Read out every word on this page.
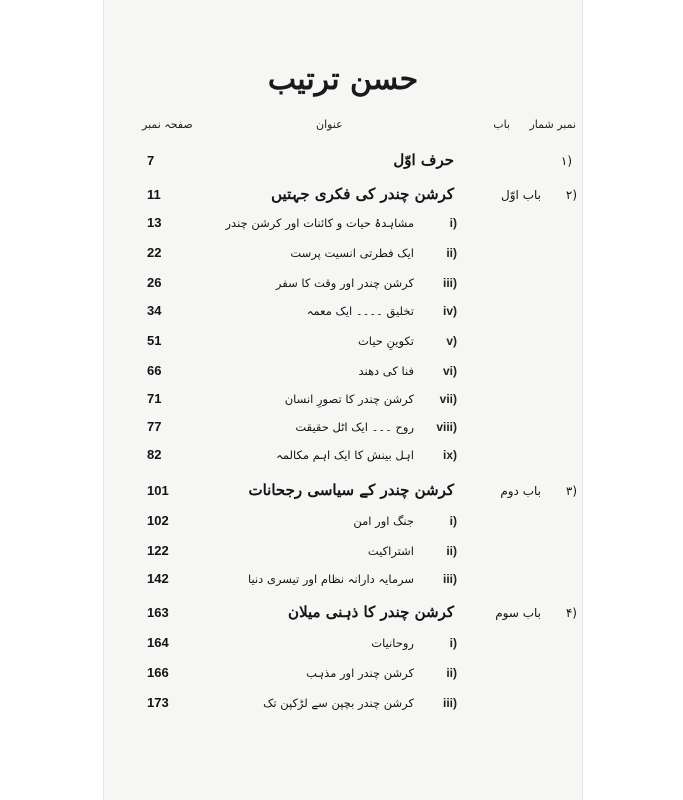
حسن ترتیب
نمبر شمار
باب
عنوان
صفحہ نمبر
7	حرف اوّل	١)
11	کرشن چندر کی فکری جہتیں	باب اوّل ٢)
13	مشاہدۂ حیات و کائنات اور کرشن چندر	i)
22	ایک فطرتی انسیت پرست	ii)
26	کرشن چندر اور وقت کا سفر iii)
34	تخلیق ۔۔۔۔ ایک معمہ iv)
51	تکوینِ حیات	v)
66	فنا کی دھند vi)
71	کرشن چندر کا تصورِ انسان vii)
77	روح ۔۔۔ ایک اٹل حقیقت viii)
82	اہل بینش کا ایک اہم مکالمہ ix)
101	کرشن چندر کے سیاسی رجحانات	باب دوم ٣)
102	جنگ اور امن	i)
122	اشتراکیت	ii)
142	سرمایہ دارانہ نظام اور تیسری دنیا iii)
163	کرشن چندر کا ذہنی میلان	باب سوم ۴)
164	روحانیات	i)
166	کرشن چندر اور مذہب	ii)
173	کرشن چندر بچپن سے لڑکپن تک iii)
